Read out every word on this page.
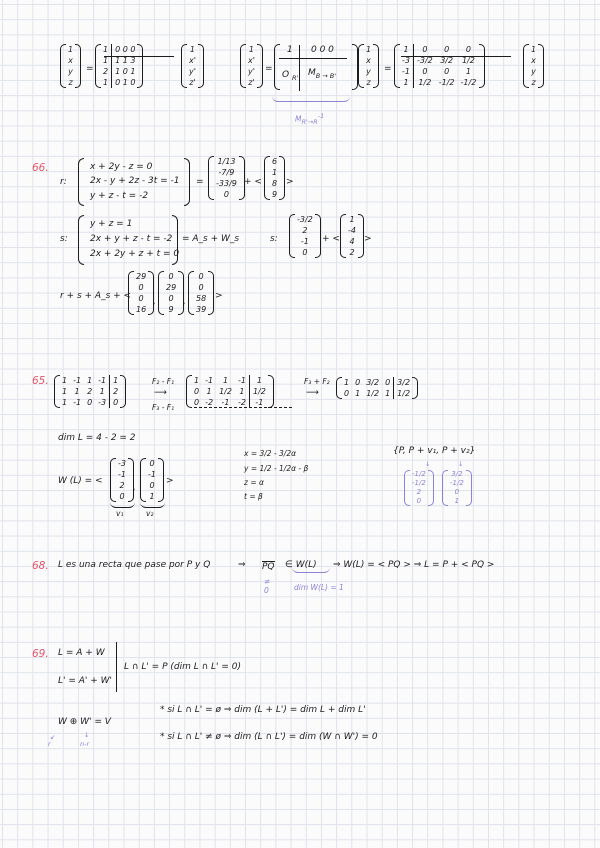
1
x
y
z
=
1	0 0 0
1	1 1 3
2	1 0 1
1	0 1 0
1
x'
y'
z'
1
x'
y'
z'
=
1 0 0 0
O $_{R'}$ $M_{B \to B'}$
1
x
y
z
=
1	0	0	0
-3	-3/2	3/2	1/2
-1	0	0	1
1	1/2	-1/2	-1/2
1
x
y
z
$M_{R'\to R}^{-1}$
66.
r:
x + 2y - z = 0
2x - y + 2z - 3t = -1
y + z - t = -2
=
1/13
-7/9
-33/9
0
+ <
6
1
8
9
>
s:
y + z = 1
2x + y + z - t = -2
2x + 2y + z + t = 0
= A_s + W_s	s:
-3/2
2
-1
0
+ <
1
-4
4
2
>
r + s + A_s + <
29
0
0
16
,
0
29
0
9
,
0
0
58
39
>
65. 1	-1	1	-1	1
1	1	2	1	2
1	-1	0	-3	0
F₂ - F₁
⟶
F₃ - F₁
1	-1	1	-1	1
0	1	1/2	1	1/2
0	-2	-1	-2	-1
F₃ + F₂
⟶
1	0	3/2	0	3/2
0	1	1/2	1	1/2
dim L = 4 - 2 = 2
W (L) = <
-3
-1
2
0
,
0
-1
0
1
>
v₁	v₂
x = 3/2 - 3/2α
y = 1/2 - 1/2α - β
z = α
t = β
{P, P + v₁, P + v₂}
↓	↓
-1/2
-1/2
2
0
3/2
-1/2
0
1
68. L es una recta que pase por P y Q	⇒ PQ ∈ W(L) ⇒ W(L) = < PQ > ⇒ L = P + < PQ >
≠
0	dim W(L) = 1
69. L = A + W
L' = A' + W'
L ∩ L' = P (dim L ∩ L' = 0)
W ⊕ W' = V
↙
r
↓
n-r
* si L ∩ L' = ø ⇒ dim (L + L') = dim L + dim L'
* si L ∩ L' ≠ ø ⇒ dim (L ∩ L') = dim (W ∩ W') = 0
